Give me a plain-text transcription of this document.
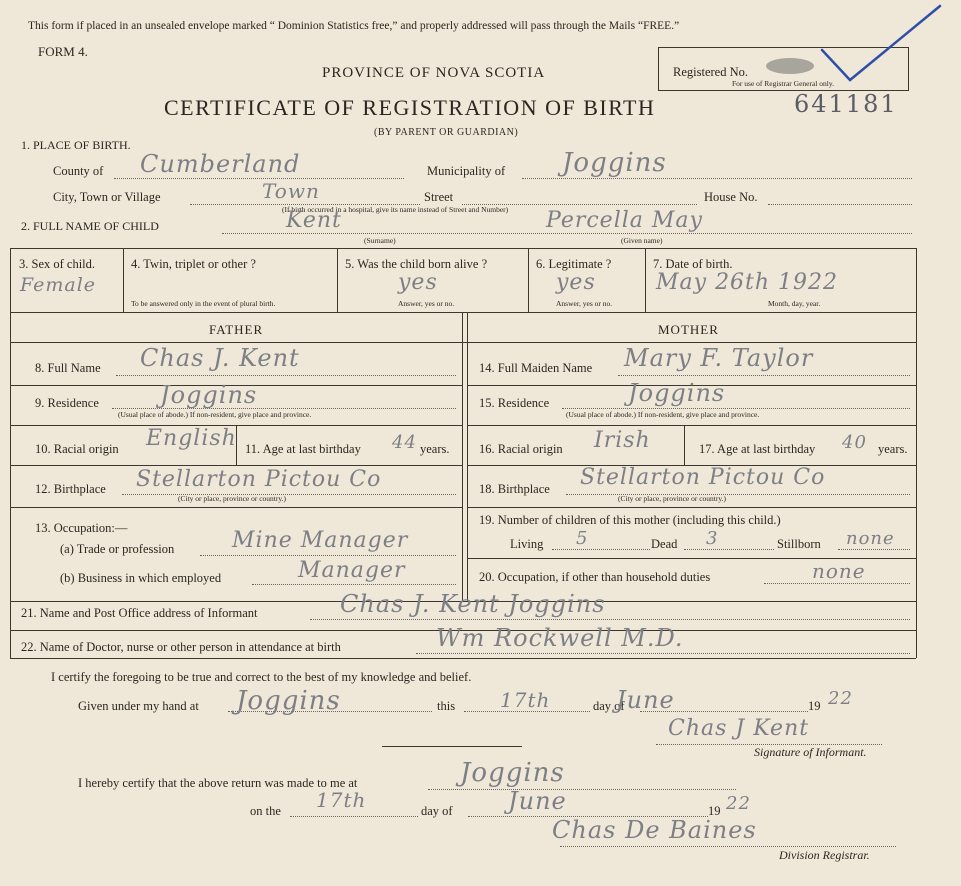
This form if placed in an unsealed envelope marked “ Dominion Statistics free,” and properly addressed will pass through the Mails “FREE.”
FORM 4.
PROVINCE OF NOVA SCOTIA
CERTIFICATE OF REGISTRATION OF BIRTH
(BY PARENT OR GUARDIAN)
Registered No.
For use of Registrar General only.
641181
1. PLACE OF BIRTH.
County of Cumberland	Municipality of Joggins
City, Town or Village	Town	Street	House No.
(If birth occurred in a hospital, give its name instead of Street and Number)
2. FULL NAME OF CHILD	Kent	Percella May
(Surname)	(Given name)
3. Sex of child.
Female
4. Twin, triplet or other ?
To be answered only in the event of plural birth.
5. Was the child born alive ?
yes
Answer, yes or no.
6. Legitimate ?
yes
Answer, yes or no.
7. Date of birth.
May 26th 1922
Month, day, year.
FATHER	MOTHER
8. Full Name Chas J. Kent
9. Residence	Joggins
(Usual place of abode.) If non-resident, give place and province.
10. Racial origin English 11. Age at last birthday 44 years.
12. Birthplace Stellarton Pictou Co
(City or place, province or country.)
13. Occupation:—
(a) Trade or profession	Mine Manager
(b) Business in which employed	Manager
14. Full Maiden Name Mary F. Taylor
15. Residence	Joggins
(Usual place of abode.) If non-resident, give place and province.
16. Racial origin Irish	17. Age at last birthday 40 years.
18. Birthplace Stellarton Pictou Co
(City or place, province or country.)
19. Number of children of this mother (including this child.)
Living 5	Dead 3	Stillborn none
20. Occupation, if other than household duties	none
21. Name and Post Office address of Informant	Chas J. Kent Joggins
22. Name of Doctor, nurse or other person in attendance at birth	Wm Rockwell M.D.
I certify the foregoing to be true and correct to the best of my knowledge and belief.
Given under my hand at Joggins	this 17th	day of
June	19 22
Chas J Kent
Signature of Informant.
I hereby certify that the above return was made to me at	Joggins
on the 17th	day of June	19 22
Chas De Baines
Division Registrar.
